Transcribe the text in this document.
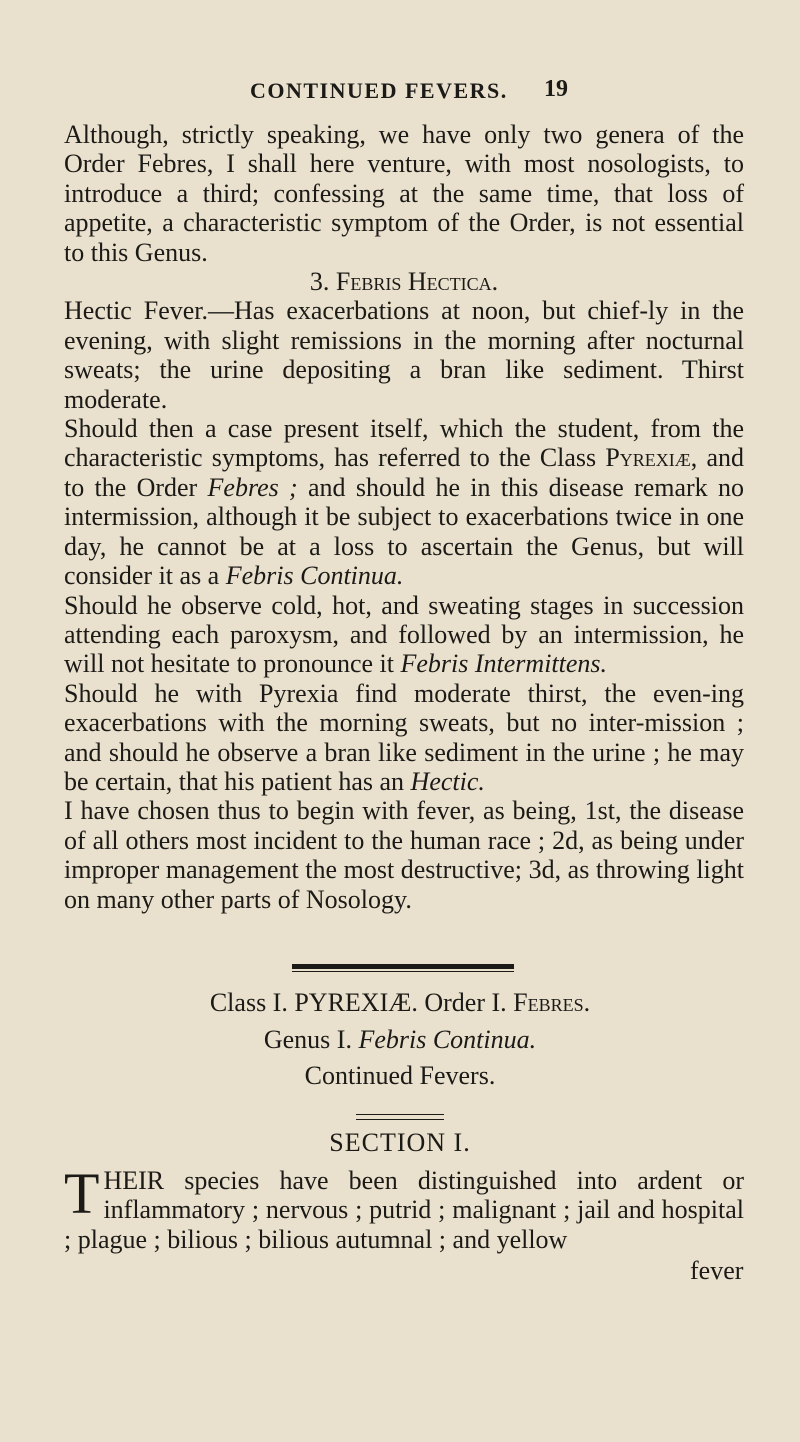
CONTINUED FEVERS. 19

Although, strictly speaking, we have only two genera of the Order Febres, I shall here venture, with most nosologists, to introduce a third; confessing at the same time, that loss of appetite, a characteristic symptom of the Order, is not essential to this Genus.

3. Febris Hectica.

Hectic Fever.—Has exacerbations at noon, but chief-ly in the evening, with slight remissions in the morning after nocturnal sweats; the urine depositing a bran like sediment. Thirst moderate.

Should then a case present itself, which the student, from the characteristic symptoms, has referred to the Class Pyrexiæ, and to the Order Febres ; and should he in this disease remark no intermission, although it be subject to exacerbations twice in one day, he cannot be at a loss to ascertain the Genus, but will consider it as a Febris Continua.

Should he observe cold, hot, and sweating stages in succession attending each paroxysm, and followed by an intermission, he will not hesitate to pronounce it Febris Intermittens.

Should he with Pyrexia find moderate thirst, the even-ing exacerbations with the morning sweats, but no inter-mission ; and should he observe a bran like sediment in the urine ; he may be certain, that his patient has an Hectic.

I have chosen thus to begin with fever, as being, 1st, the disease of all others most incident to the human race ; 2d, as being under improper management the most destructive; 3d, as throwing light on many other parts of Nosology.

Class I. PYREXIÆ. Order I. Febres.
Genus I. Febris Continua.
Continued Fevers.
SECTION I.
THEIR species have been distinguished into ardent or inflammatory ; nervous ; putrid ; malignant ; jail and hospital ; plague ; bilious ; bilious autumnal ; and yellow
fever
